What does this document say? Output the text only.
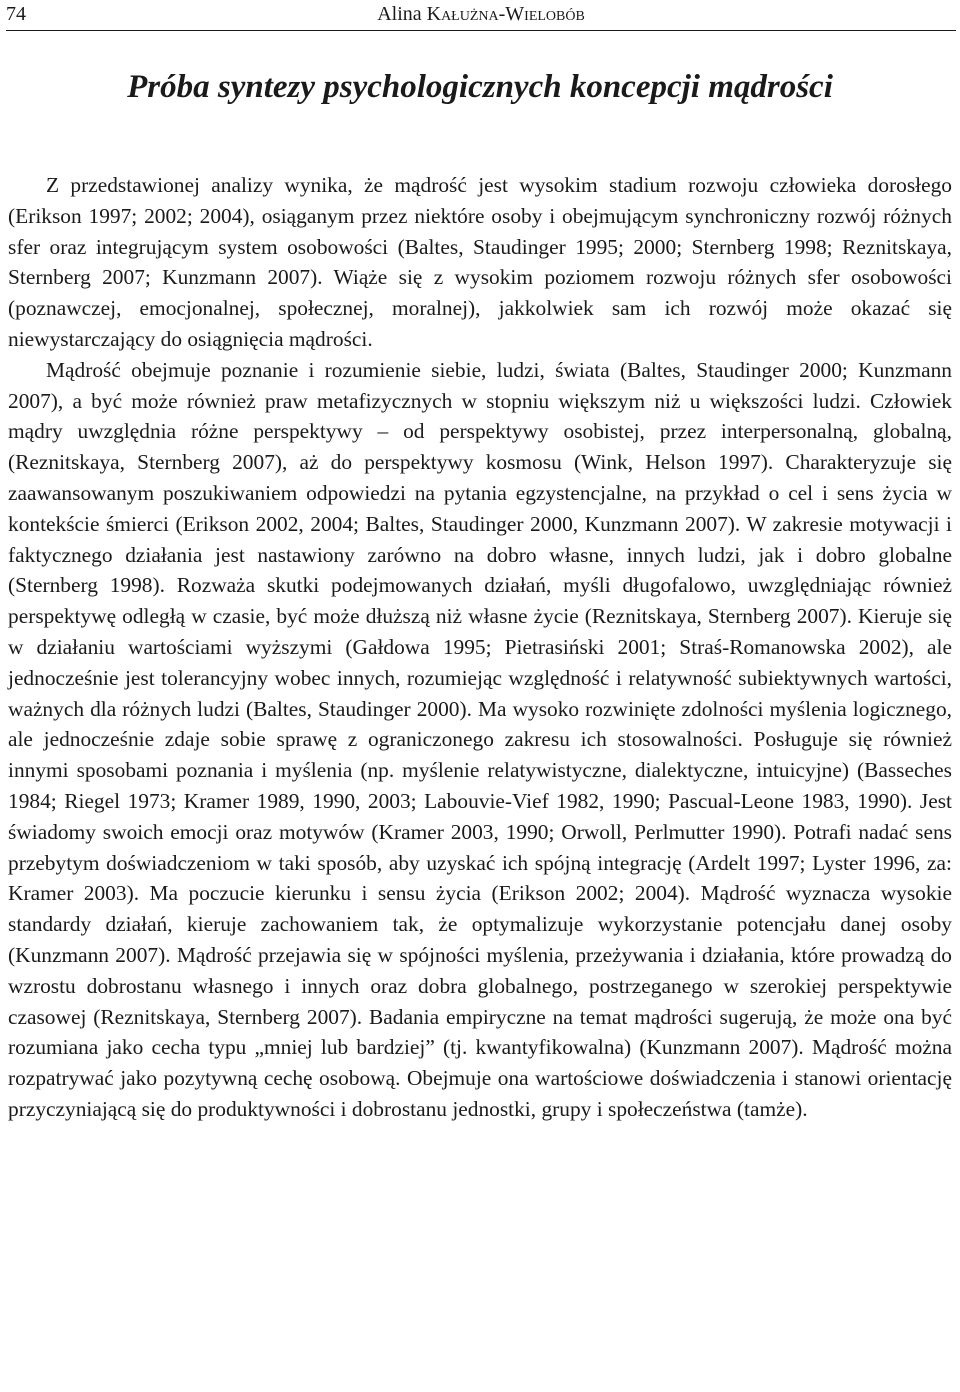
74	Alina Kałużna-Wielobób
Próba syntezy psychologicznych koncepcji mądrości

Z przedstawionej analizy wynika, że mądrość jest wysokim stadium rozwoju człowieka dorosłego (Erikson 1997; 2002; 2004), osiąganym przez niektóre osoby i obejmującym synchroniczny rozwój różnych sfer oraz integrującym system osobowości (Baltes, Staudinger 1995; 2000; Sternberg 1998; Reznitskaya, Sternberg 2007; Kunzmann 2007). Wiąże się z wysokim poziomem rozwoju różnych sfer osobowości (poznawczej, emocjonalnej, społecznej, moralnej), jakkolwiek sam ich rozwój może okazać się niewystarczający do osiągnięcia mądrości.

Mądrość obejmuje poznanie i rozumienie siebie, ludzi, świata (Baltes, Staudinger 2000; Kunzmann 2007), a być może również praw metafizycznych w stopniu większym niż u większości ludzi. Człowiek mądry uwzględnia różne perspektywy – od perspektywy osobistej, przez interpersonalną, globalną, (Reznitskaya, Sternberg 2007), aż do perspektywy kosmosu (Wink, Helson 1997). Charakteryzuje się zaawansowanym poszukiwaniem odpowiedzi na pytania egzystencjalne, na przykład o cel i sens życia w kontekście śmierci (Erikson 2002, 2004; Baltes, Staudinger 2000, Kunzmann 2007). W zakresie motywacji i faktycznego działania jest nastawiony zarówno na dobro własne, innych ludzi, jak i dobro globalne (Sternberg 1998). Rozważa skutki podejmowanych działań, myśli długofalowo, uwzględniając również perspektywę odległą w czasie, być może dłuższą niż własne życie (Reznitskaya, Sternberg 2007). Kieruje się w działaniu wartościami wyższymi (Gałdowa 1995; Pietrasiński 2001; Straś-Romanowska 2002), ale jednocześnie jest tolerancyjny wobec innych, rozumiejąc względność i relatywność subiektywnych wartości, ważnych dla różnych ludzi (Baltes, Staudinger 2000). Ma wysoko rozwinięte zdolności myślenia logicznego, ale jednocześnie zdaje sobie sprawę z ograniczonego zakresu ich stosowalności. Posługuje się również innymi sposobami poznania i myślenia (np. myślenie relatywistyczne, dialektyczne, intuicyjne) (Basseches 1984; Riegel 1973; Kramer 1989, 1990, 2003; Labouvie-Vief 1982, 1990; Pascual-Leone 1983, 1990). Jest świadomy swoich emocji oraz motywów (Kramer 2003, 1990; Orwoll, Perlmutter 1990). Potrafi nadać sens przebytym doświadczeniom w taki sposób, aby uzyskać ich spójną integrację (Ardelt 1997; Lyster 1996, za: Kramer 2003). Ma poczucie kierunku i sensu życia (Erikson 2002; 2004). Mądrość wyznacza wysokie standardy działań, kieruje zachowaniem tak, że optymalizuje wykorzystanie potencjału danej osoby (Kunzmann 2007). Mądrość przejawia się w spójności myślenia, przeżywania i działania, które prowadzą do wzrostu dobrostanu własnego i innych oraz dobra globalnego, postrzeganego w szerokiej perspektywie czasowej (Reznitskaya, Sternberg 2007). Badania empiryczne na temat mądrości sugerują, że może ona być rozumiana jako cecha typu „mniej lub bardziej” (tj. kwantyfikowalna) (Kunzmann 2007). Mądrość można rozpatrywać jako pozytywną cechę osobową. Obejmuje ona wartościowe doświadczenia i stanowi orientację przyczyniającą się do produktywności i dobrostanu jednostki, grupy i społeczeństwa (tamże).
